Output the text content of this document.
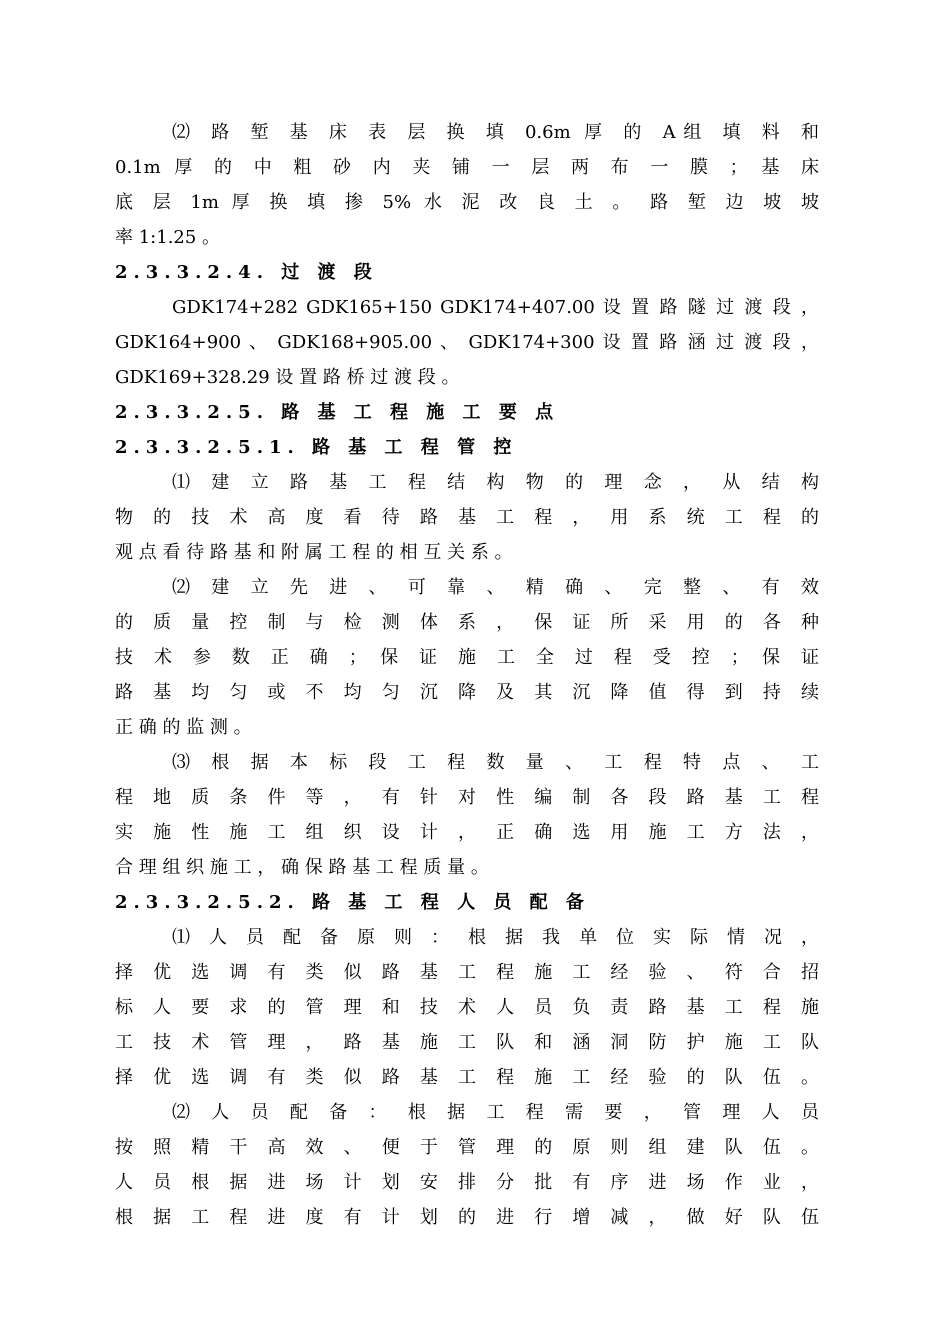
⑵ 路 堑 基 床 表 层 换 填 0.6m 厚 的 A组 填 料 和
0.1m 厚 的 中 粗 砂 内 夹 铺 一 层 两 布 一 膜 ； 基 床
底 层 1m 厚 换 填 掺 5% 水 泥 改 良 土 。 路 堑 边 坡 坡
率 1:1.25 。
2.3.3.2.4. 过 渡 段
GDK174+282 GDK165+150 GDK174+407.00 设 置 路 隧 过 渡 段 ，
GDK164+900 、 GDK168+905.00 、 GDK174+300 设 置 路 涵 过 渡 段 ，
GDK169+328.29 设 置 路 桥 过 渡 段 。
2.3.3.2.5. 路 基 工 程 施 工 要 点
2.3.3.2.5.1. 路 基 工 程 管 控
⑴ 建 立 路 基 工 程 结 构 物 的 理 念 ， 从 结 构
物 的 技 术 高 度 看 待 路 基 工 程 ， 用 系 统 工 程 的
观 点 看 待 路 基 和 附 属 工 程 的 相 互 关 系 。
⑵ 建 立 先 进 、 可 靠 、 精 确 、 完 整 、 有 效
的 质 量 控 制 与 检 测 体 系 ， 保 证 所 采 用 的 各 种
技 术 参 数 正 确 ； 保 证 施 工 全 过 程 受 控 ； 保 证
路 基 均 匀 或 不 均 匀 沉 降 及 其 沉 降 值 得 到 持 续
正 确 的 监 测 。
⑶ 根 据 本 标 段 工 程 数 量 、 工 程 特 点 、 工
程 地 质 条 件 等 ， 有 针 对 性 编 制 各 段 路 基 工 程
实 施 性 施 工 组 织 设 计 ， 正 确 选 用 施 工 方 法 ，
合 理 组 织 施 工 ， 确 保 路 基 工 程 质 量 。
2.3.3.2.5.2. 路 基 工 程 人 员 配 备
⑴ 人 员 配 备 原 则 ： 根 据 我 单 位 实 际 情 况 ，
择 优 选 调 有 类 似 路 基 工 程 施 工 经 验 、 符 合 招
标 人 要 求 的 管 理 和 技 术 人 员 负 责 路 基 工 程 施
工 技 术 管 理 ， 路 基 施 工 队 和 涵 洞 防 护 施 工 队
择 优 选 调 有 类 似 路 基 工 程 施 工 经 验 的 队 伍 。
⑵ 人 员 配 备 ： 根 据 工 程 需 要 ， 管 理 人 员
按 照 精 干 高 效 、 便 于 管 理 的 原 则 组 建 队 伍 。
人 员 根 据 进 场 计 划 安 排 分 批 有 序 进 场 作 业 ，
根 据 工 程 进 度 有 计 划 的 进 行 增 减 ， 做 好 队 伍
